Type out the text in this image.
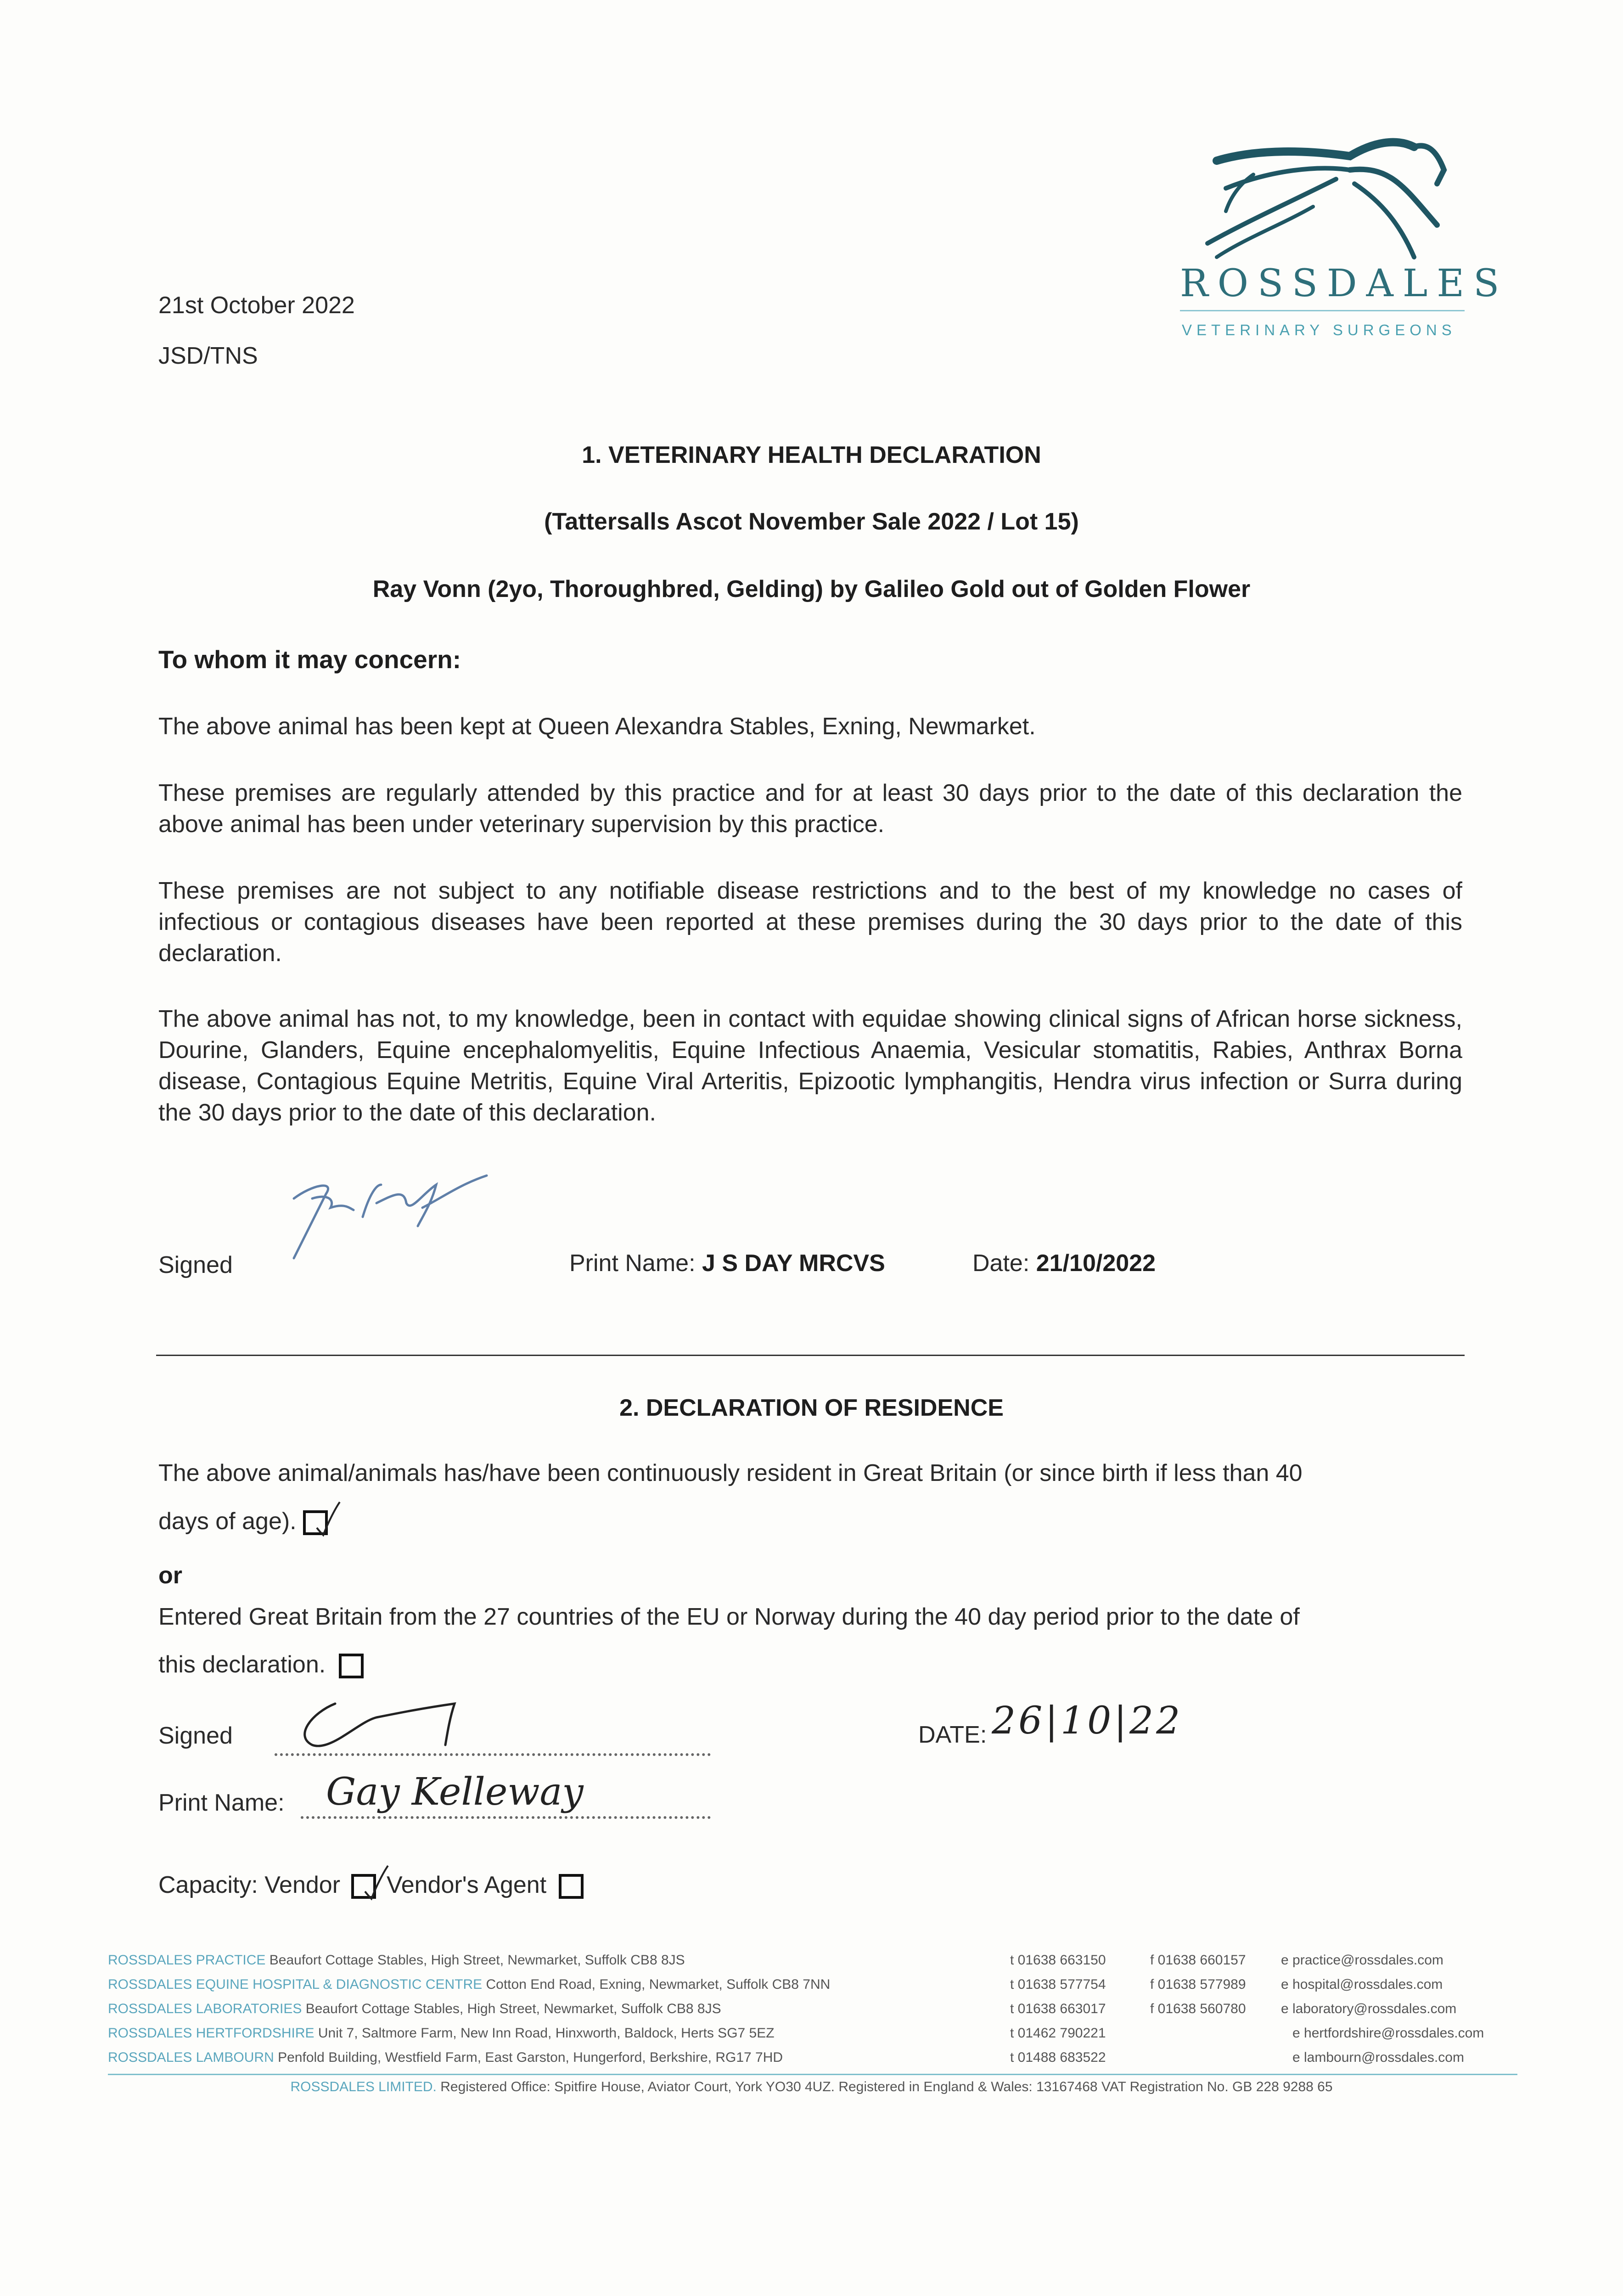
21st October 2022
JSD/TNS
ROSSDALES
VETERINARY SURGEONS
1. VETERINARY HEALTH DECLARATION
(Tattersalls Ascot November Sale 2022 / Lot 15)
Ray Vonn (2yo, Thoroughbred, Gelding) by Galileo Gold out of Golden Flower
To whom it may concern:
The above animal has been kept at Queen Alexandra Stables, Exning, Newmarket.
These premises are regularly attended by this practice and for at least 30 days prior to the date of this declaration the above animal has been under veterinary supervision by this practice.
These premises are not subject to any notifiable disease restrictions and to the best of my knowledge no cases of infectious or contagious diseases have been reported at these premises during the 30 days prior to the date of this declaration.
The above animal has not, to my knowledge, been in contact with equidae showing clinical signs of African horse sickness, Dourine, Glanders, Equine encephalomyelitis, Equine Infectious Anaemia, Vesicular stomatitis, Rabies, Anthrax Borna disease, Contagious Equine Metritis, Equine Viral Arteritis, Epizootic lymphangitis, Hendra virus infection or Surra during the 30 days prior to the date of this declaration.
Signed	Print Name: J S DAY MRCVS	Date: 21/10/2022
2. DECLARATION OF RESIDENCE
The above animal/animals has/have been continuously resident in Great Britain (or since birth if less than 40
days of age).
or
Entered Great Britain from the 27 countries of the EU or Norway during the 40 day period prior to the date of
this declaration.
Signed	DATE: 26|10|22
Print Name: Gay Kelleway
Capacity: Vendor Vendor's Agent
ROSSDALES PRACTICE Beaufort Cottage Stables, High Street, Newmarket, Suffolk CB8 8JS	t 01638 663150	f 01638 660157	e practice@rossdales.com
ROSSDALES EQUINE HOSPITAL & DIAGNOSTIC CENTRE Cotton End Road, Exning, Newmarket, Suffolk CB8 7NN	t 01638 577754	f 01638 577989	e hospital@rossdales.com
ROSSDALES LABORATORIES Beaufort Cottage Stables, High Street, Newmarket, Suffolk CB8 8JS	t 01638 663017	f 01638 560780	e laboratory@rossdales.com
ROSSDALES HERTFORDSHIRE Unit 7, Saltmore Farm, New Inn Road, Hinxworth, Baldock, Herts SG7 5EZ	t 01462 790221	e hertfordshire@rossdales.com
ROSSDALES LAMBOURN Penfold Building, Westfield Farm, East Garston, Hungerford, Berkshire, RG17 7HD	t 01488 683522	e lambourn@rossdales.com
ROSSDALES LIMITED. Registered Office: Spitfire House, Aviator Court, York YO30 4UZ. Registered in England & Wales: 13167468 VAT Registration No. GB 228 9288 65
